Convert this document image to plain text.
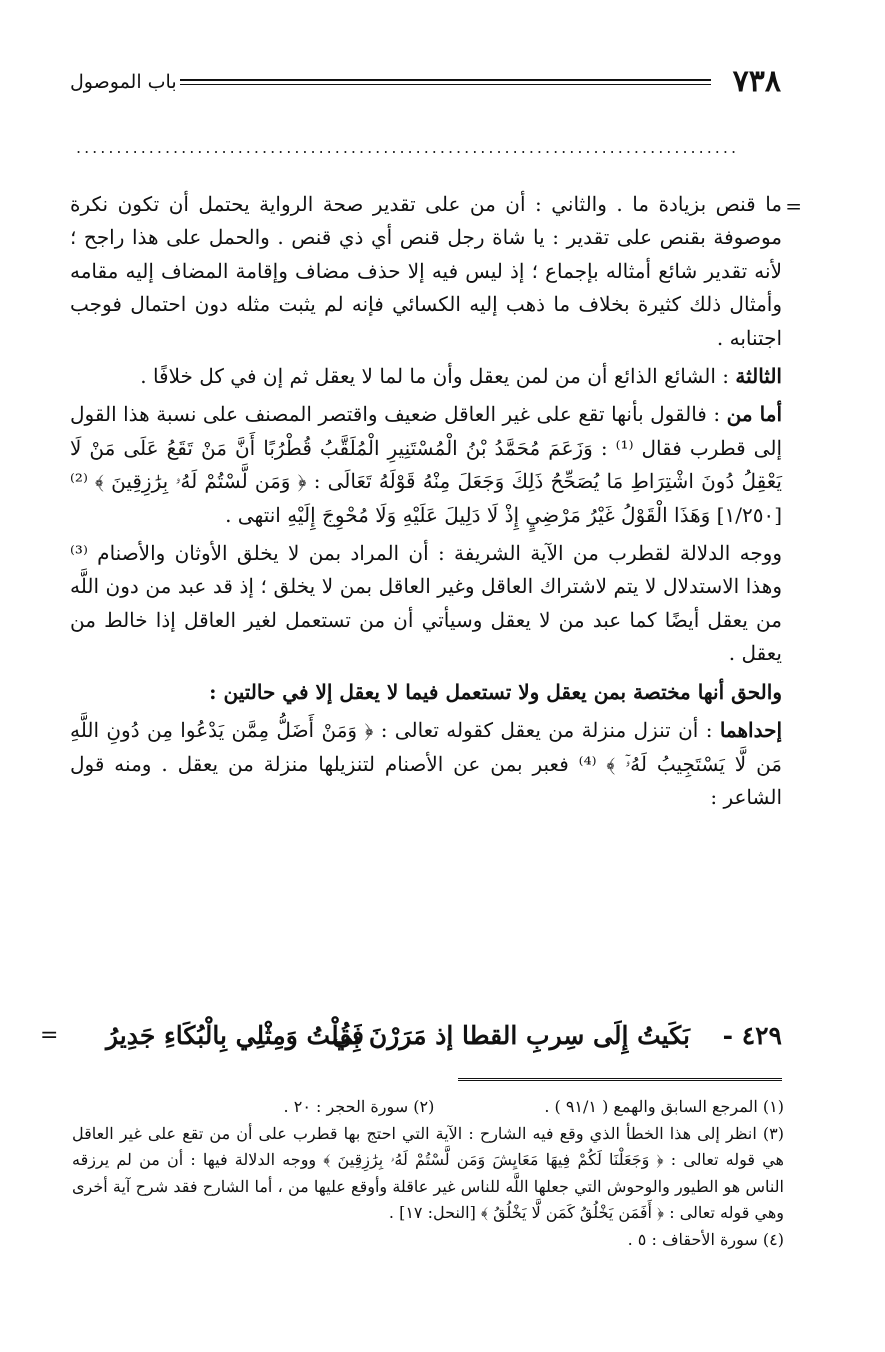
٧٣٨
باب الموصول
..................................................................................
=

ما قنص بزيادة ما . والثاني : أن من على تقدير صحة الرواية يحتمل أن تكون نكرة موصوفة بقنص على تقدير : يا شاة رجل قنص أي ذي قنص . والحمل على هذا راجح ؛ لأنه تقدير شائع أمثاله بإجماع ؛ إذ ليس فيه إلا حذف مضاف وإقامة المضاف إليه مقامه وأمثال ذلك كثيرة بخلاف ما ذهب إليه الكسائي فإنه لم يثبت مثله دون احتمال فوجب اجتنابه .

الثالثة : الشائع الذائع أن من لمن يعقل وأن ما لما لا يعقل ثم إن في كل خلافًا .

أما من : فالقول بأنها تقع على غير العاقل ضعيف واقتصر المصنف على نسبة هذا القول إلى قطرب فقال ⁽¹⁾ : وَزَعَمَ مُحَمَّدُ بْنُ الْمُسْتَنِيرِ الْمُلَقَّبُ قُطْرُبًا أَنَّ مَنْ تَقَعُ عَلَى مَنْ لَا يَعْقِلُ دُونَ اشْتِرَاطِ مَا يُصَحِّحُ ذَلِكَ وَجَعَلَ مِنْهُ قَوْلَهُ تَعَالَى : ﴿ وَمَن لَّسْتُمْ لَهُۥ بِرَٰزِقِينَ ﴾ ⁽²⁾ [١/٢٥٠] وَهَذَا الْقَوْلُ غَيْرُ مَرْضِيٍ إِذْ لَا دَلِيلَ عَلَيْهِ وَلَا مُحْوِجَ إِلَيْهِ انتهى .

ووجه الدلالة لقطرب من الآية الشريفة : أن المراد بمن لا يخلق الأوثان والأصنام ⁽³⁾ وهذا الاستدلال لا يتم لاشتراك العاقل وغير العاقل بمن لا يخلق ؛ إذ قد عبد من دون اللَّه من يعقل أيضًا كما عبد من لا يعقل وسيأتي أن من تستعمل لغير العاقل إذا خالط من يعقل .

والحق أنها مختصة بمن يعقل ولا تستعمل فيما لا يعقل إلا في حالتين :

إحداهما : أن تنزل منزلة من يعقل كقوله تعالى : ﴿ وَمَنْ أَضَلُّ مِمَّن يَدْعُوا مِن دُونِ اللَّهِ مَن لَّا يَسْتَجِيبُ لَهُۥٓ ﴾ ⁽⁴⁾ فعبر بمن عن الأصنام لتنزيلها منزلة من يعقل . ومنه قول الشاعر :

٤٢٩ -
بَكَيتُ إِلَى سِربِ القطا إذ مَرَرْنَ بِي
فَقُلْتُ وَمِثْلِي بِالْبُكَاءِ جَدِيرُ
=

(١) المرجع السابق والهمع ( ٩١/١ ) .
(٢) سورة الحجر : ٢٠ .

(٣) انظر إلى هذا الخطأ الذي وقع فيه الشارح : الآية التي احتج بها قطرب على أن من تقع على غير العاقل هي قوله تعالى : ﴿ وَجَعَلْنَا لَكُمْ فِيهَا مَعَايِشَ وَمَن لَّسْتُمْ لَهُۥ بِرَٰزِقِينَ ﴾ ووجه الدلالة فيها : أن من لم يرزقه الناس هو الطيور والوحوش التي جعلها اللَّه للناس غير عاقلة وأوقع عليها من ، أما الشارح فقد شرح آية أخرى وهي قوله تعالى : ﴿ أَفَمَن يَخْلُقُ كَمَن لَّا يَخْلُقُ ﴾ [النحل: ١٧] .

(٤) سورة الأحقاف : ٥ .
